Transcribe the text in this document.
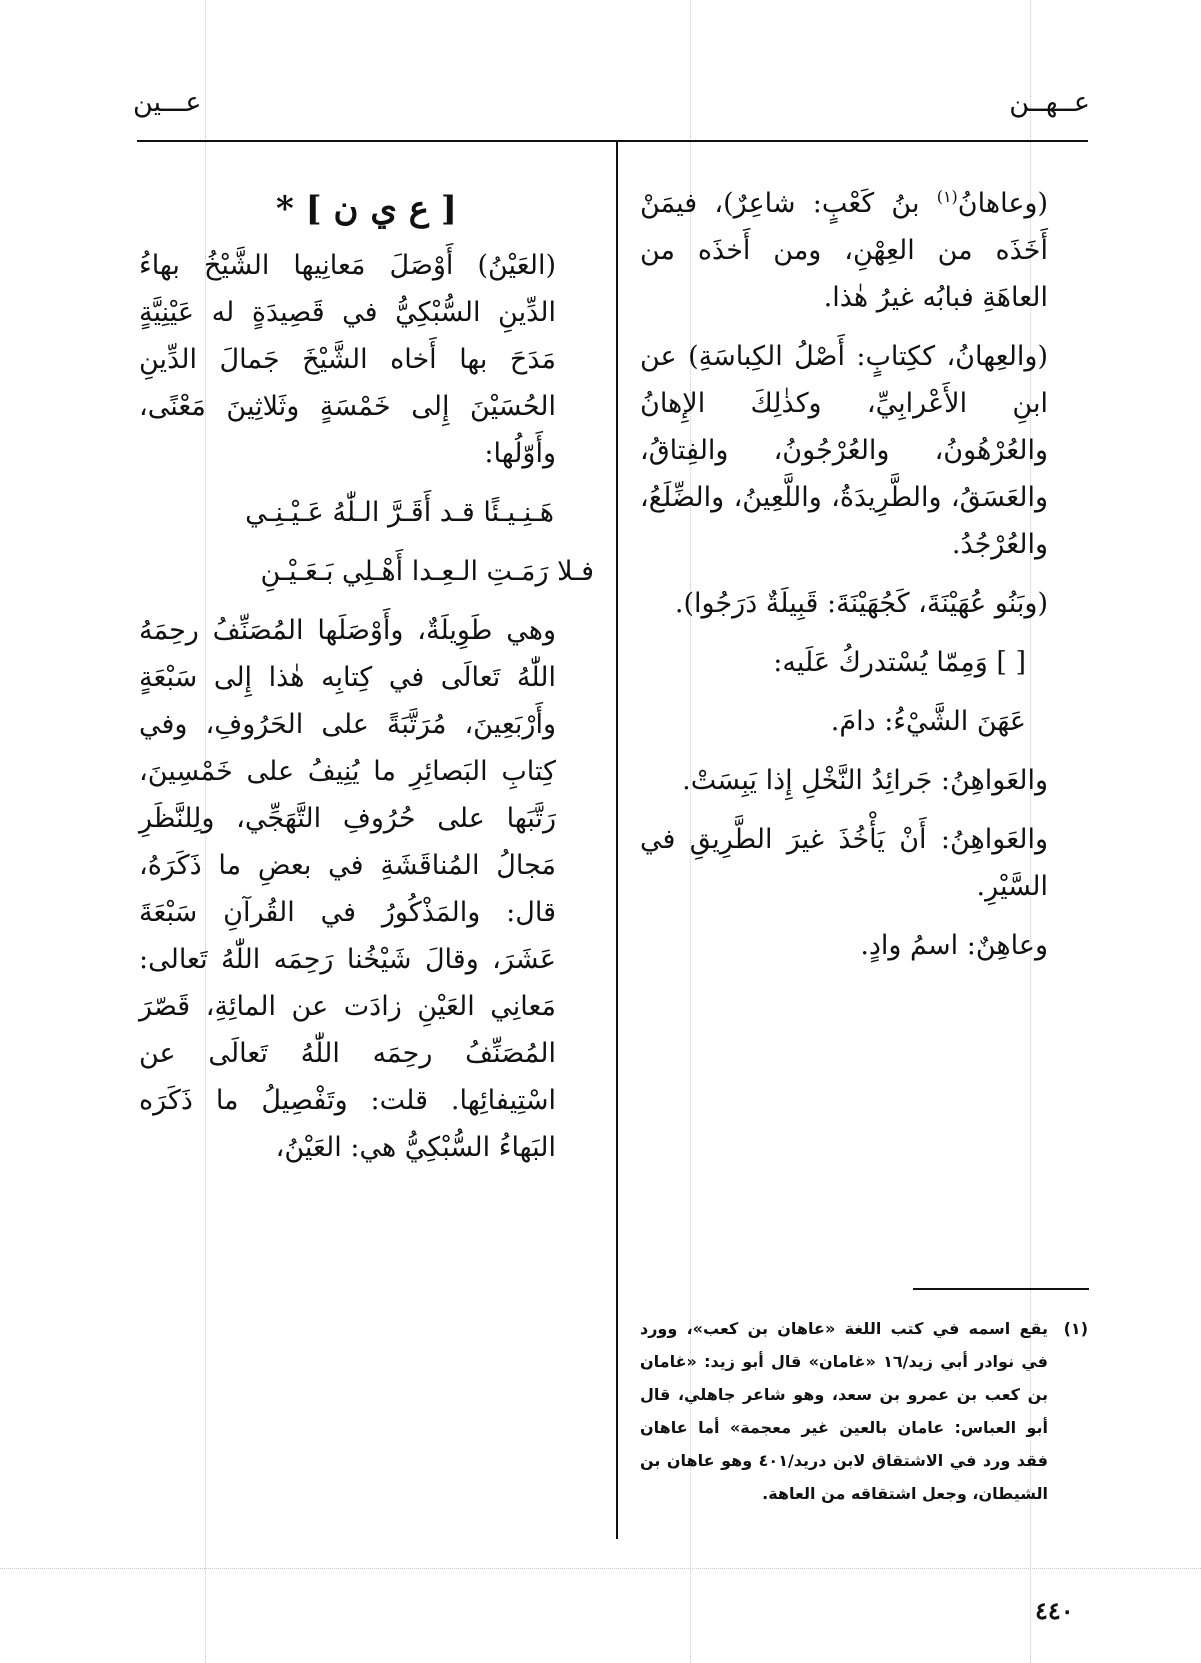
عــهــن
عـــين

(وعاهانُ$^{(١)}$ بنُ كَعْبٍ: شاعِرٌ)، فيمَنْ أَخَذَه من العِهْنِ، ومن أَخذَه من العاهَةِ فبابُه غيرُ هٰذا.

(والعِهانُ، ككِتابٍ: أَصْلُ الكِباسَةِ) عن ابنِ الأَعْرابِيِّ، وكذٰلِكَ الإِهانُ والعُرْهُونُ، والعُرْجُونُ، والفِتاقُ، والعَسَقُ، والطَّرِيدَةُ، واللَّعِينُ، والضِّلَعُ، والعُرْجُدُ.

(وبَنُو عُهَيْنَةَ، كَجُهَيْنَةَ: قَبِيلَةٌ دَرَجُوا).

[ ] وَمِمّا يُسْتدركُ عَلَيه:

عَهَنَ الشَّيْءُ: دامَ.

والعَواهِنُ: جَرائِدُ النَّخْلِ إِذا يَبِسَتْ.

والعَواهِنُ: أَنْ يَأْخُذَ غيرَ الطَّرِيقِ في السَّيْرِ.

وعاهِنٌ: اسمُ وادٍ.

(١)
يقع اسمه في كتب اللغة «عاهان بن كعب»، وورد في نوادر أبي زيد/١٦ «غامان» قال أبو زيد: «غامان بن كعب بن عمرو بن سعد، وهو شاعر جاهلي، قال أبو العباس: عامان بالعين غير معجمة» أما عاهان فقد ورد في الاشتقاق لابن دريد/٤٠١ وهو عاهان بن الشيطان، وجعل اشتقاقه من العاهة.

[ ع ي ن ] *

(العَيْنُ) أَوْصَلَ مَعانِيها الشَّيْخُ بهاءُ الدِّينِ السُّبْكِيُّ في قَصِيدَةٍ له عَيْنِيَّةٍ مَدَحَ بها أَخاه الشَّيْخَ جَمالَ الدِّينِ الحُسَيْنَ إِلى خَمْسَةٍ وثَلاثِينَ مَعْنًى، وأَوّلُها:

هَـنِـيـئًا قـد أَقَـرَّ الـلّٰهُ عَـيْـنِـي

فـلا رَمَـتِ الـعِـدا أَهْـلِي بَـعَـيْـنِ

وهي طَوِيلَةٌ، وأَوْصَلَها المُصَنِّفُ رحِمَهُ اللّٰهُ تَعالَى في كِتابِه هٰذا إِلى سَبْعَةٍ وأَرْبَعِينَ، مُرَتَّبَةً على الحَرُوفِ، وفي كِتابِ البَصائِرِ ما يُنِيفُ على خَمْسِينَ، رَتَّبَها على حُرُوفِ التَّهَجِّي، ولِلنَّظَرِ مَجالُ المُناقَشَةِ في بعضِ ما ذَكَرَهُ، قال: والمَذْكُورُ في القُرآنِ سَبْعَةَ عَشَرَ، وقالَ شَيْخُنا رَحِمَه اللّٰهُ تَعالى: مَعانِي العَيْنِ زادَت عن المائِةِ، قَصّرَ المُصَنِّفُ رحِمَه اللّٰهُ تَعالَى عن اسْتِيفائِها. قلت: وتَفْصِيلُ ما ذَكَرَه البَهاءُ السُّبْكِيُّ هي: العَيْنُ،

٤٤٠
